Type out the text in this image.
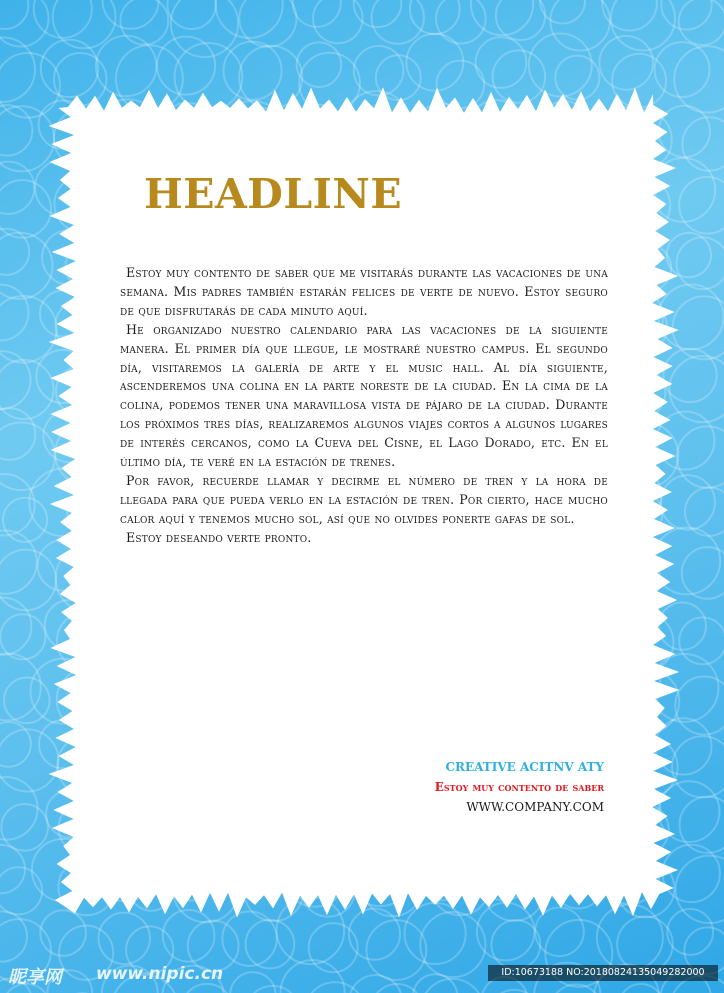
HEADLINE

Estoy muy contento de saber que me visitarás durante las vacaciones de una semana. Mis padres también estarán felices de verte de nuevo. Estoy seguro de que disfrutarás de cada minuto aquí.

He organizado nuestro calendario para las vacaciones de la siguiente manera. El primer día que llegue, le mostraré nuestro campus. El segundo día, visitaremos la galería de arte y el music hall. Al día siguiente, ascenderemos una colina en la parte noreste de la ciudad. En la cima de la colina, podemos tener una maravillosa vista de pájaro de la ciudad. Durante los próximos tres días, realizaremos algunos viajes cortos a algunos lugares de interés cercanos, como la Cueva del Cisne, el Lago Dorado, etc. En el último día, te veré en la estación de trenes.

Por favor, recuerde llamar y decirme el número de tren y la hora de llegada para que pueda verlo en la estación de tren. Por cierto, hace mucho calor aquí y tenemos mucho sol, así que no olvides ponerte gafas de sol.

Estoy deseando verte pronto.

CREATIVE ACITNV ATY
Estoy muy contento de saber
WWW.COMPANY.COM
昵享网 www.nipic.cn	ID:10673188 NO:20180824135049282000
